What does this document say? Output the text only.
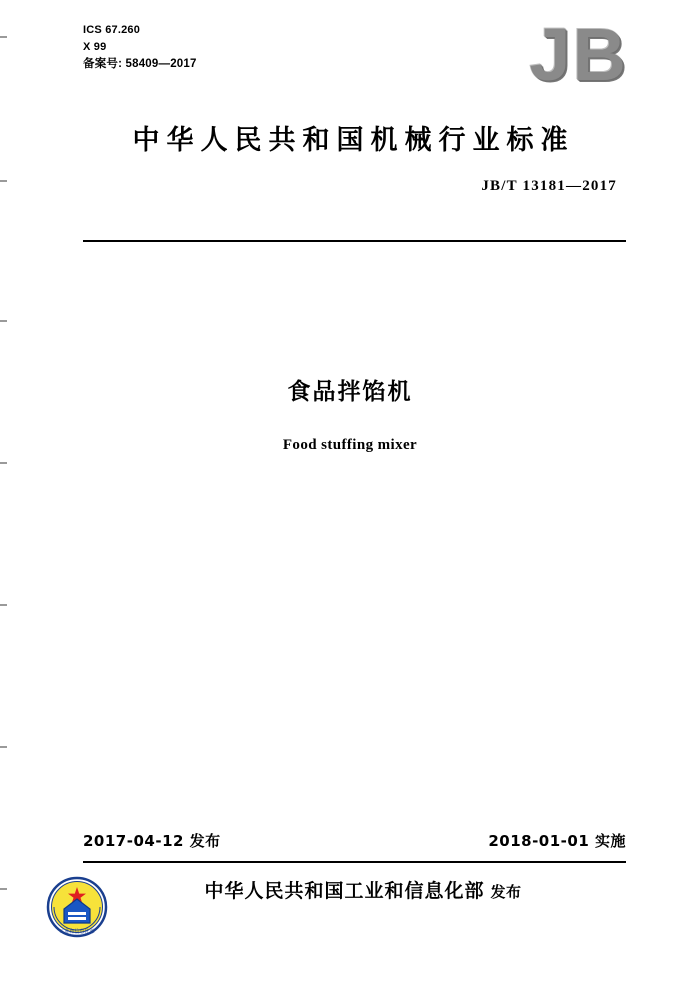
ICS 67.260
X 99
备案号: 58409—2017	JB
中华人民共和国机械行业标准
JB/T 13181—2017
食品拌馅机
Food stuffing mixer
2017-04-12 发布	2018-01-01 实施
工业和信息化部
中华人民共和国工业和信息化部 发布
